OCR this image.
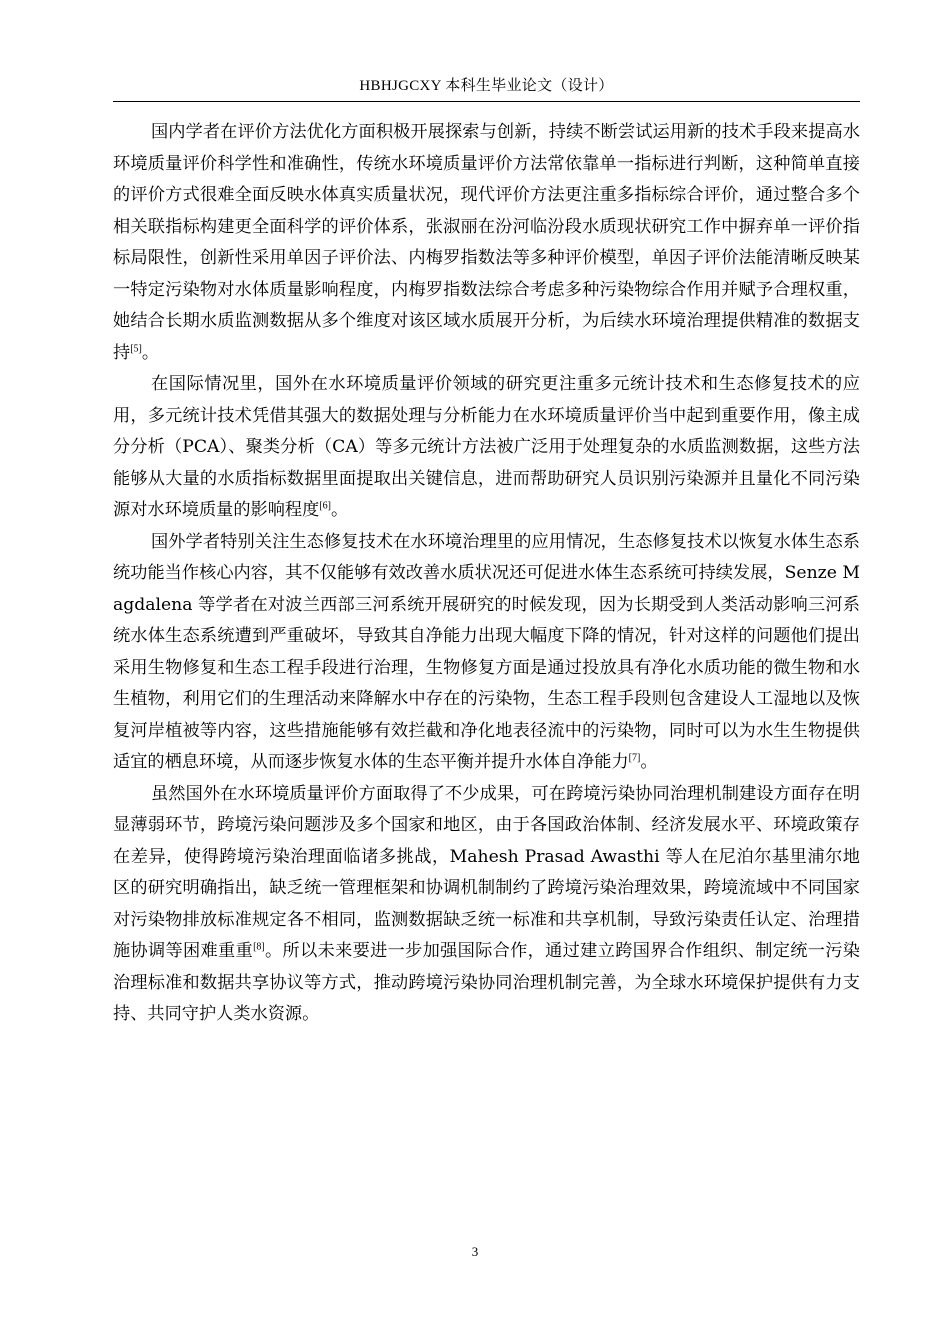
HBHJGCXY 本科生毕业论文（设计）

国内学者在评价方法优化方面积极开展探索与创新，持续不断尝试运用新的技术手段来提高水环境质量评价科学性和准确性，传统水环境质量评价方法常依靠单一指标进行判断，这种简单直接的评价方式很难全面反映水体真实质量状况，现代评价方法更注重多指标综合评价，通过整合多个相关联指标构建更全面科学的评价体系，张淑丽在汾河临汾段水质现状研究工作中摒弃单一评价指标局限性，创新性采用单因子评价法、内梅罗指数法等多种评价模型，单因子评价法能清晰反映某一特定污染物对水体质量影响程度，内梅罗指数法综合考虑多种污染物综合作用并赋予合理权重，她结合长期水质监测数据从多个维度对该区域水质展开分析，为后续水环境治理提供精准的数据支持[5]。

在国际情况里，国外在水环境质量评价领域的研究更注重多元统计技术和生态修复技术的应用，多元统计技术凭借其强大的数据处理与分析能力在水环境质量评价当中起到重要作用，像主成分分析（PCA）、聚类分析（CA）等多元统计方法被广泛用于处理复杂的水质监测数据，这些方法能够从大量的水质指标数据里面提取出关键信息，进而帮助研究人员识别污染源并且量化不同污染源对水环境质量的影响程度[6]。

国外学者特别关注生态修复技术在水环境治理里的应用情况，生态修复技术以恢复水体生态系统功能当作核心内容，其不仅能够有效改善水质状况还可促进水体生态系统可持续发展，Senze Magdalena 等学者在对波兰西部三河系统开展研究的时候发现，因为长期受到人类活动影响三河系统水体生态系统遭到严重破坏，导致其自净能力出现大幅度下降的情况，针对这样的问题他们提出采用生物修复和生态工程手段进行治理，生物修复方面是通过投放具有净化水质功能的微生物和水生植物，利用它们的生理活动来降解水中存在的污染物，生态工程手段则包含建设人工湿地以及恢复河岸植被等内容，这些措施能够有效拦截和净化地表径流中的污染物，同时可以为水生生物提供适宜的栖息环境，从而逐步恢复水体的生态平衡并提升水体自净能力[7]。

虽然国外在水环境质量评价方面取得了不少成果，可在跨境污染协同治理机制建设方面存在明显薄弱环节，跨境污染问题涉及多个国家和地区，由于各国政治体制、经济发展水平、环境政策存在差异，使得跨境污染治理面临诸多挑战，Mahesh Prasad Awasthi 等人在尼泊尔基里浦尔地区的研究明确指出，缺乏统一管理框架和协调机制制约了跨境污染治理效果，跨境流域中不同国家对污染物排放标准规定各不相同，监测数据缺乏统一标准和共享机制，导致污染责任认定、治理措施协调等困难重重[8]。所以未来要进一步加强国际合作，通过建立跨国界合作组织、制定统一污染治理标准和数据共享协议等方式，推动跨境污染协同治理机制完善，为全球水环境保护提供有力支持、共同守护人类水资源。

3
